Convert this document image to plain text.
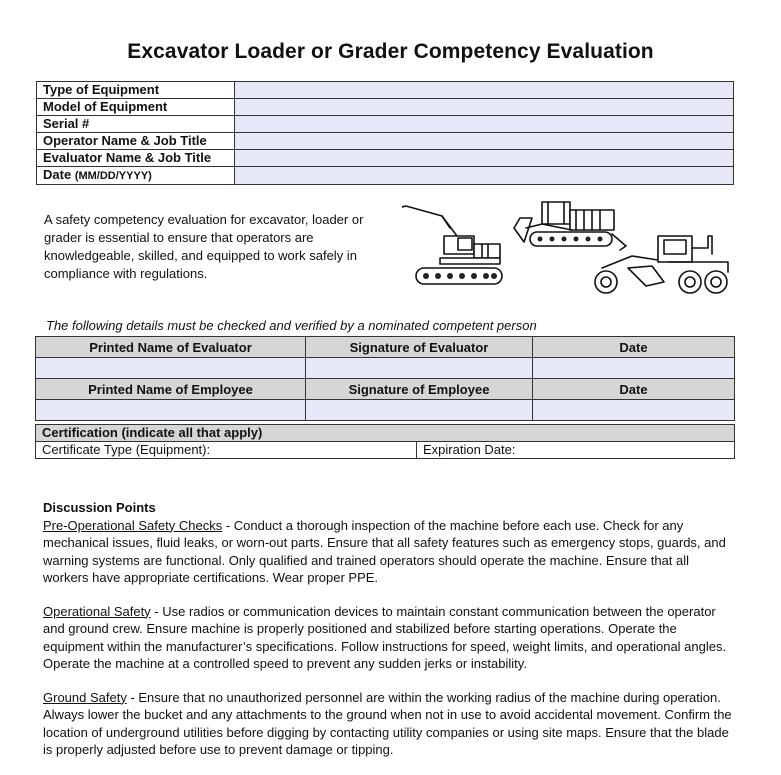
Excavator Loader or Grader Competency Evaluation
Type of Equipment	
Model of Equipment	
Serial #	
Operator Name & Job Title	
Evaluator Name & Job Title	
Date (MM/DD/YYYY)	
A safety competency evaluation for excavator, loader or grader is essential to ensure that operators are knowledgeable, skilled, and equipped to work safely in compliance with regulations.
The following details must be checked and verified by a nominated competent person
Printed Name of Evaluator	Signature of Evaluator	Date

Printed Name of Employee	Signature of Employee	Date

Certification (indicate all that apply)
Certificate Type (Equipment):	Expiration Date:
Discussion Points

Pre-Operational Safety Checks - Conduct a thorough inspection of the machine before each use. Check for any mechanical issues, fluid leaks, or worn-out parts. Ensure that all safety features such as emergency stops, guards, and warning systems are functional. Only qualified and trained operators should operate the machine. Ensure that all workers have appropriate certifications. Wear proper PPE.

Operational Safety - Use radios or communication devices to maintain constant communication between the operator and ground crew. Ensure machine is properly positioned and stabilized before starting operations. Operate the equipment within the manufacturer’s specifications. Follow instructions for speed, weight limits, and operational angles. Operate the machine at a controlled speed to prevent any sudden jerks or instability.

Ground Safety - Ensure that no unauthorized personnel are within the working radius of the machine during operation. Always lower the bucket and any attachments to the ground when not in use to avoid accidental movement. Confirm the location of underground utilities before digging by contacting utility companies or using site maps. Ensure that the blade is properly adjusted before use to prevent damage or tipping.
